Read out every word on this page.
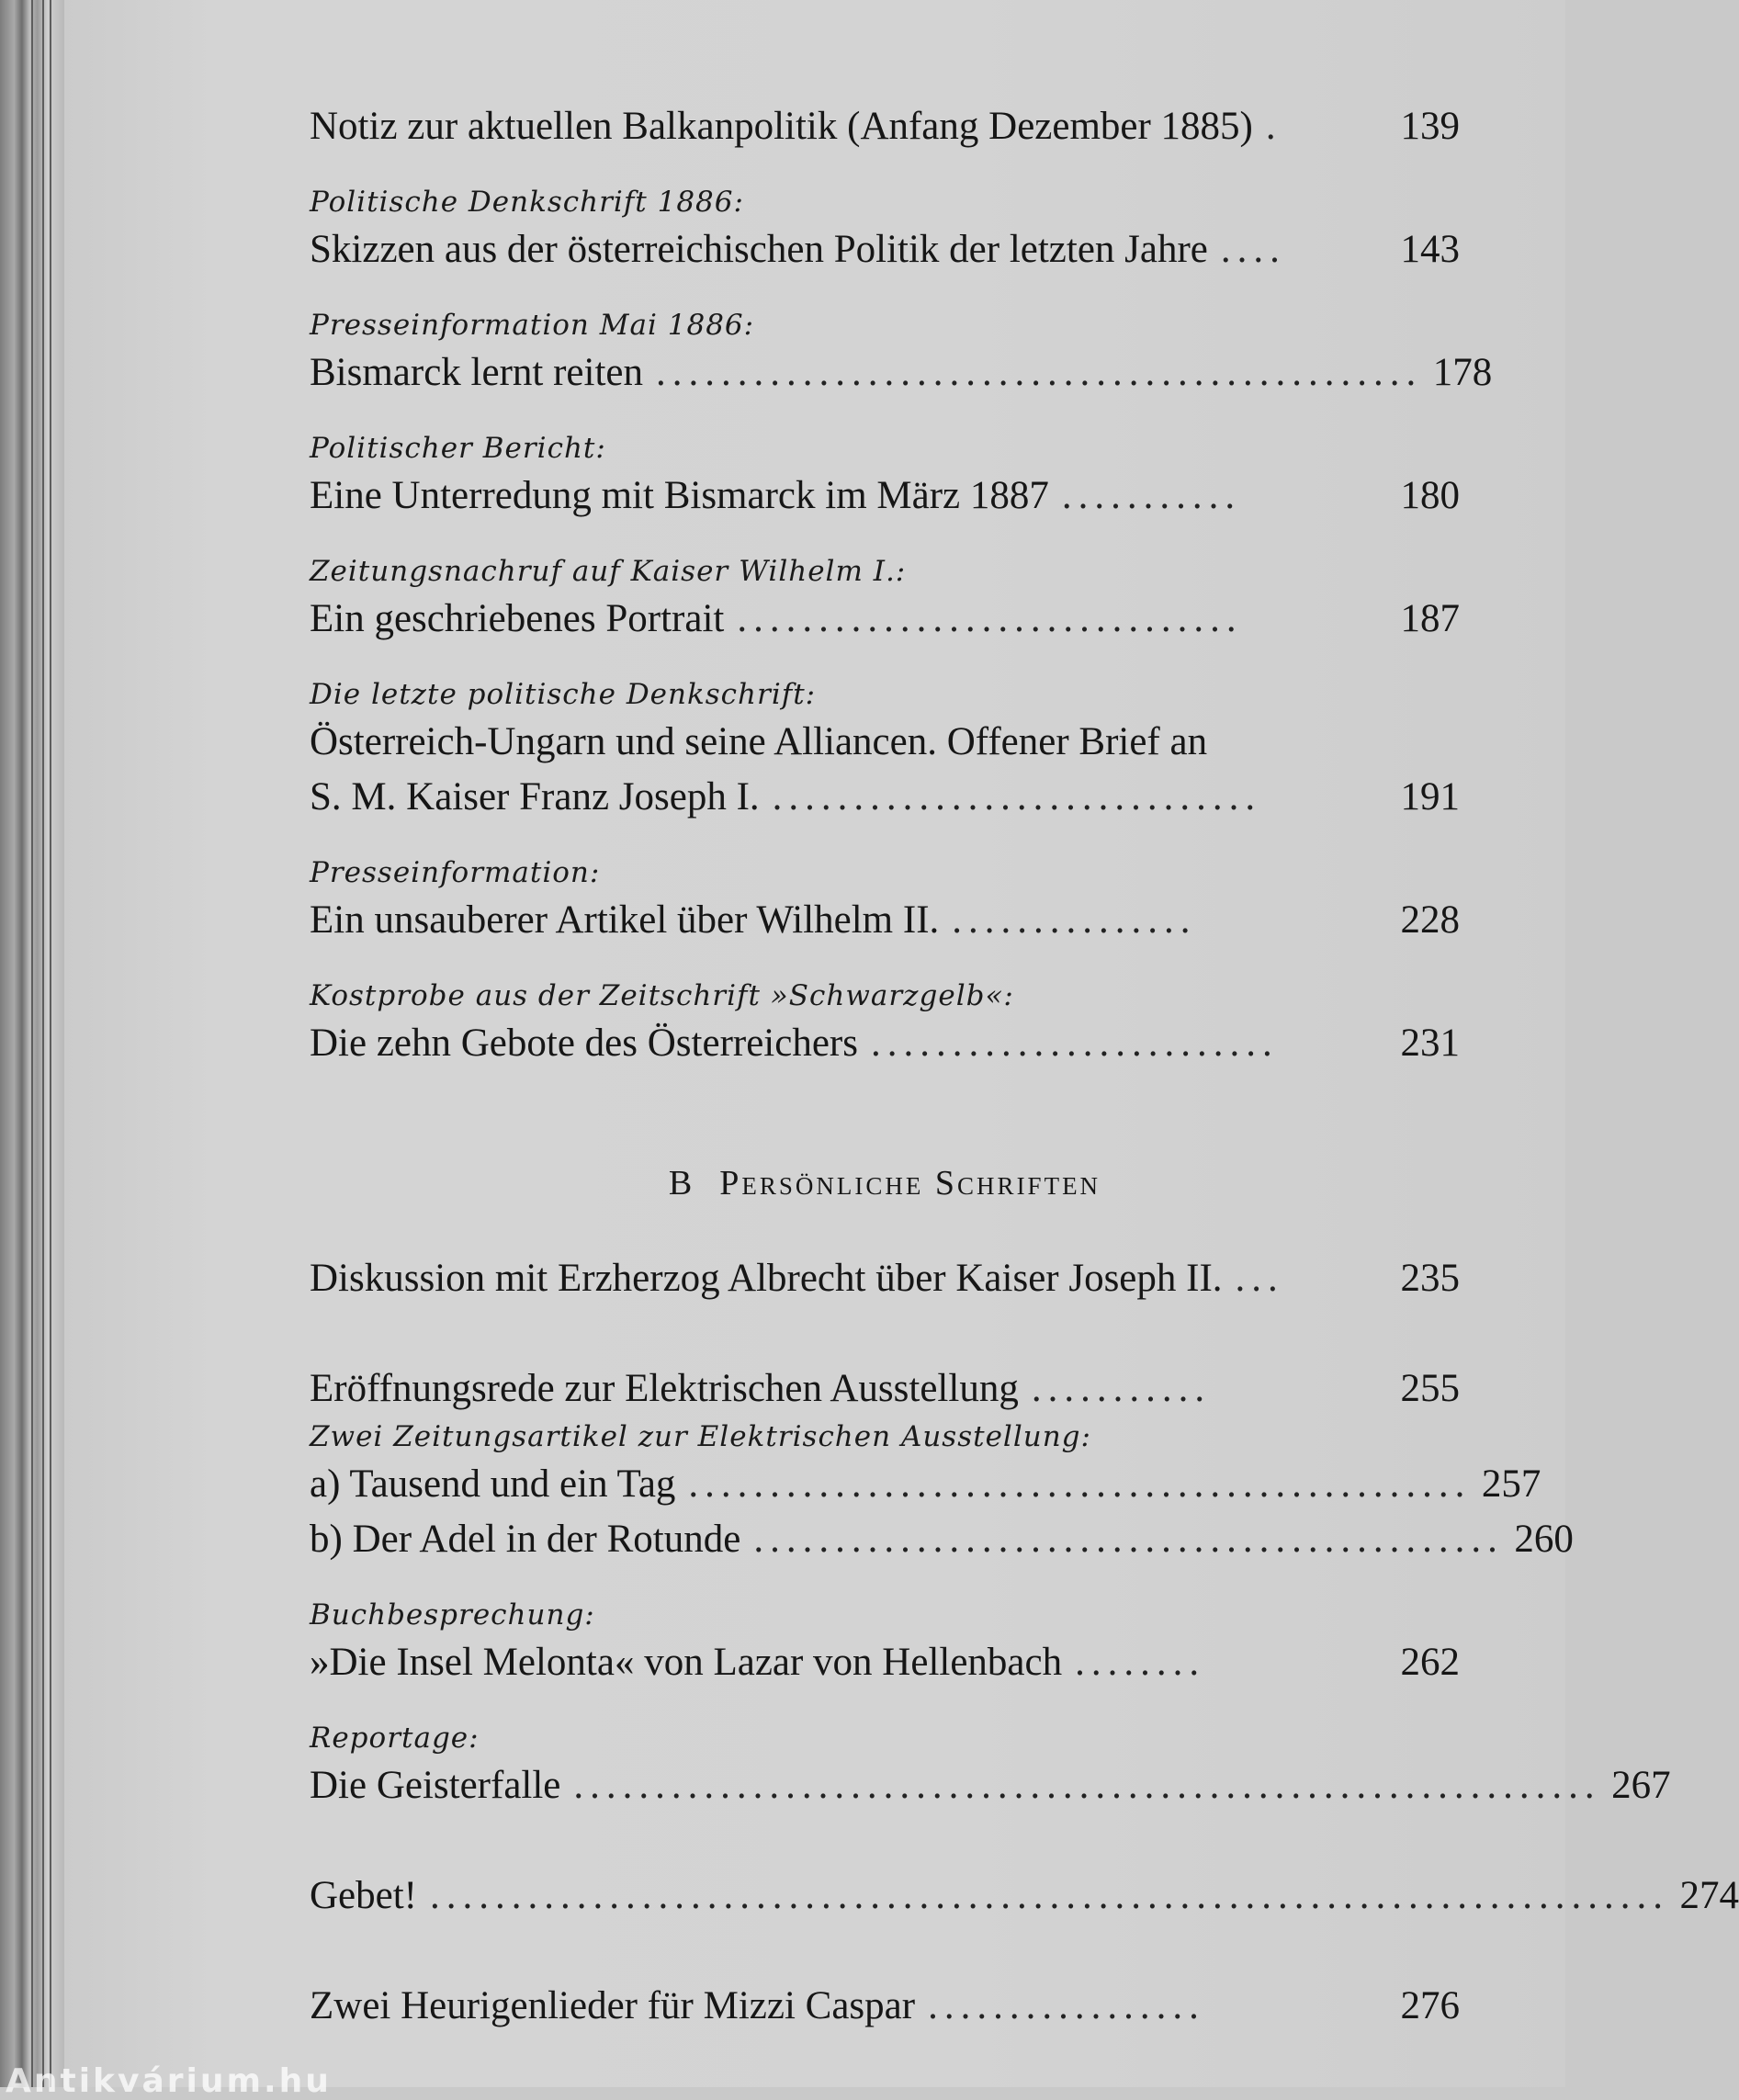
Notiz zur aktuellen Balkanpolitik (Anfang Dezember 1885) .	139
Politische Denkschrift 1886:
Skizzen aus der österreichischen Politik der letzten Jahre ....	143
Presseinformation Mai 1886:
Bismarck lernt reiten ............................................... 178
Politischer Bericht:
Eine Unterredung mit Bismarck im März 1887 ...........	180
Zeitungsnachruf auf Kaiser Wilhelm I.:
Ein geschriebenes Portrait ...............................	187
Die letzte politische Denkschrift:
Österreich-Ungarn und seine Alliancen. Offener Brief an
S. M. Kaiser Franz Joseph I. ..............................	191
Presseinformation:
Ein unsauberer Artikel über Wilhelm II. ...............	228
Kostprobe aus der Zeitschrift »Schwarzgelb«:
Die zehn Gebote des Österreichers .........................	231
B Persönliche Schriften
Diskussion mit Erzherzog Albrecht über Kaiser Joseph II. ...	235
Eröffnungsrede zur Elektrischen Ausstellung ...........	255
Zwei Zeitungsartikel zur Elektrischen Ausstellung:
a) Tausend und ein Tag ................................................ 257
b) Der Adel in der Rotunde .............................................. 260
Buchbesprechung:
»Die Insel Melonta« von Lazar von Hellenbach ........	262
Reportage:
Die Geisterfalle ............................................................... 267
Gebet! ............................................................................ 274
Zwei Heurigenlieder für Mizzi Caspar .................	276
Antikvárium.hu
